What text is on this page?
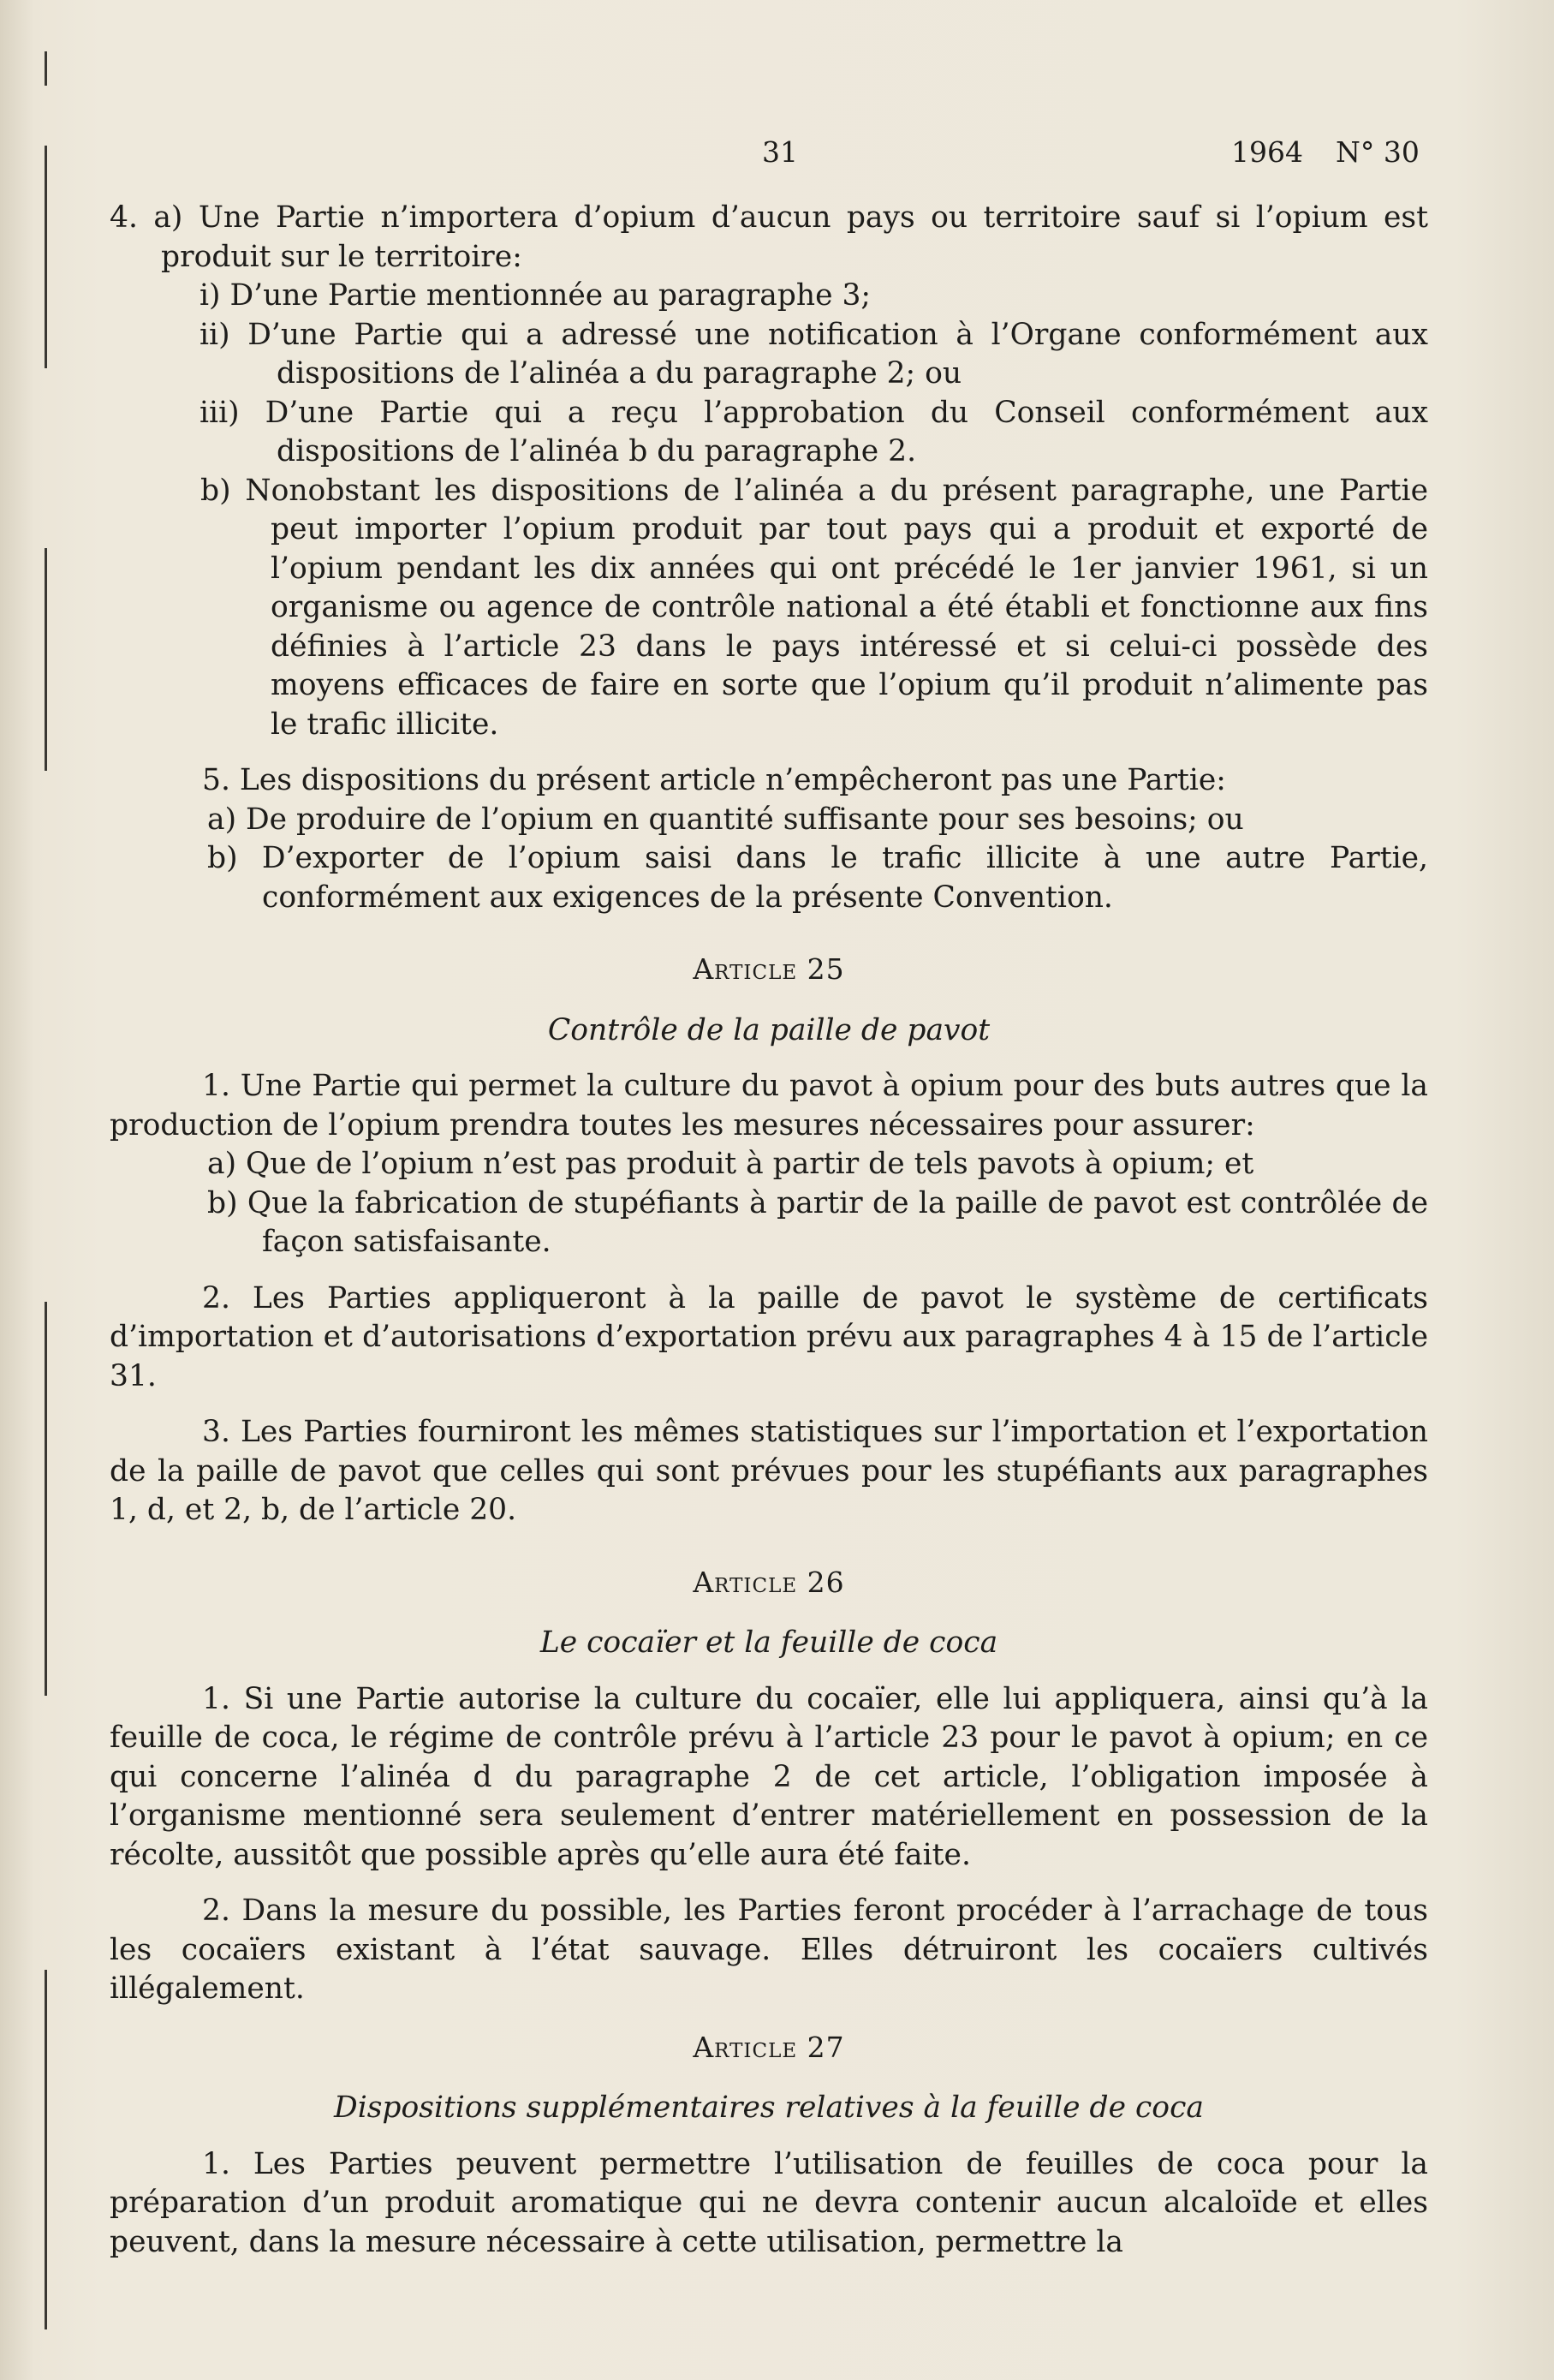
31	1964 N° 30

4. a) Une Partie n’importera d’opium d’aucun pays ou territoire sauf si l’opium est produit sur le territoire:

i) D’une Partie mentionnée au paragraphe 3;

ii) D’une Partie qui a adressé une notification à l’Organe conformément aux dispositions de l’alinéa a du paragraphe 2; ou

iii) D’une Partie qui a reçu l’approbation du Conseil conformément aux dispositions de l’alinéa b du paragraphe 2.

b) Nonobstant les dispositions de l’alinéa a du présent paragraphe, une Partie peut importer l’opium produit par tout pays qui a produit et exporté de l’opium pendant les dix années qui ont précédé le 1er janvier 1961, si un organisme ou agence de contrôle national a été établi et fonctionne aux fins définies à l’article 23 dans le pays intéressé et si celui-ci possède des moyens efficaces de faire en sorte que l’opium qu’il produit n’alimente pas le trafic illicite.

5. Les dispositions du présent article n’empêcheront pas une Partie:

a) De produire de l’opium en quantité suffisante pour ses besoins; ou

b) D’exporter de l’opium saisi dans le trafic illicite à une autre Partie, conformément aux exigences de la présente Convention.

Article 25

Contrôle de la paille de pavot

1. Une Partie qui permet la culture du pavot à opium pour des buts autres que la production de l’opium prendra toutes les mesures nécessaires pour assurer:

a) Que de l’opium n’est pas produit à partir de tels pavots à opium; et

b) Que la fabrication de stupéfiants à partir de la paille de pavot est contrôlée de façon satisfaisante.

2. Les Parties appliqueront à la paille de pavot le système de certificats d’importation et d’autorisations d’exportation prévu aux paragraphes 4 à 15 de l’article 31.

3. Les Parties fourniront les mêmes statistiques sur l’importation et l’exportation de la paille de pavot que celles qui sont prévues pour les stupéfiants aux paragraphes 1, d, et 2, b, de l’article 20.

Article 26

Le cocaïer et la feuille de coca

1. Si une Partie autorise la culture du cocaïer, elle lui appliquera, ainsi qu’à la feuille de coca, le régime de contrôle prévu à l’article 23 pour le pavot à opium; en ce qui concerne l’alinéa d du paragraphe 2 de cet article, l’obligation imposée à l’organisme mentionné sera seulement d’entrer matériellement en possession de la récolte, aussitôt que possible après qu’elle aura été faite.

2. Dans la mesure du possible, les Parties feront procéder à l’arrachage de tous les cocaïers existant à l’état sauvage. Elles détruiront les cocaïers cultivés illégalement.

Article 27

Dispositions supplémentaires relatives à la feuille de coca

1. Les Parties peuvent permettre l’utilisation de feuilles de coca pour la préparation d’un produit aromatique qui ne devra contenir aucun alcaloïde et elles peuvent, dans la mesure nécessaire à cette utilisation, permettre la
